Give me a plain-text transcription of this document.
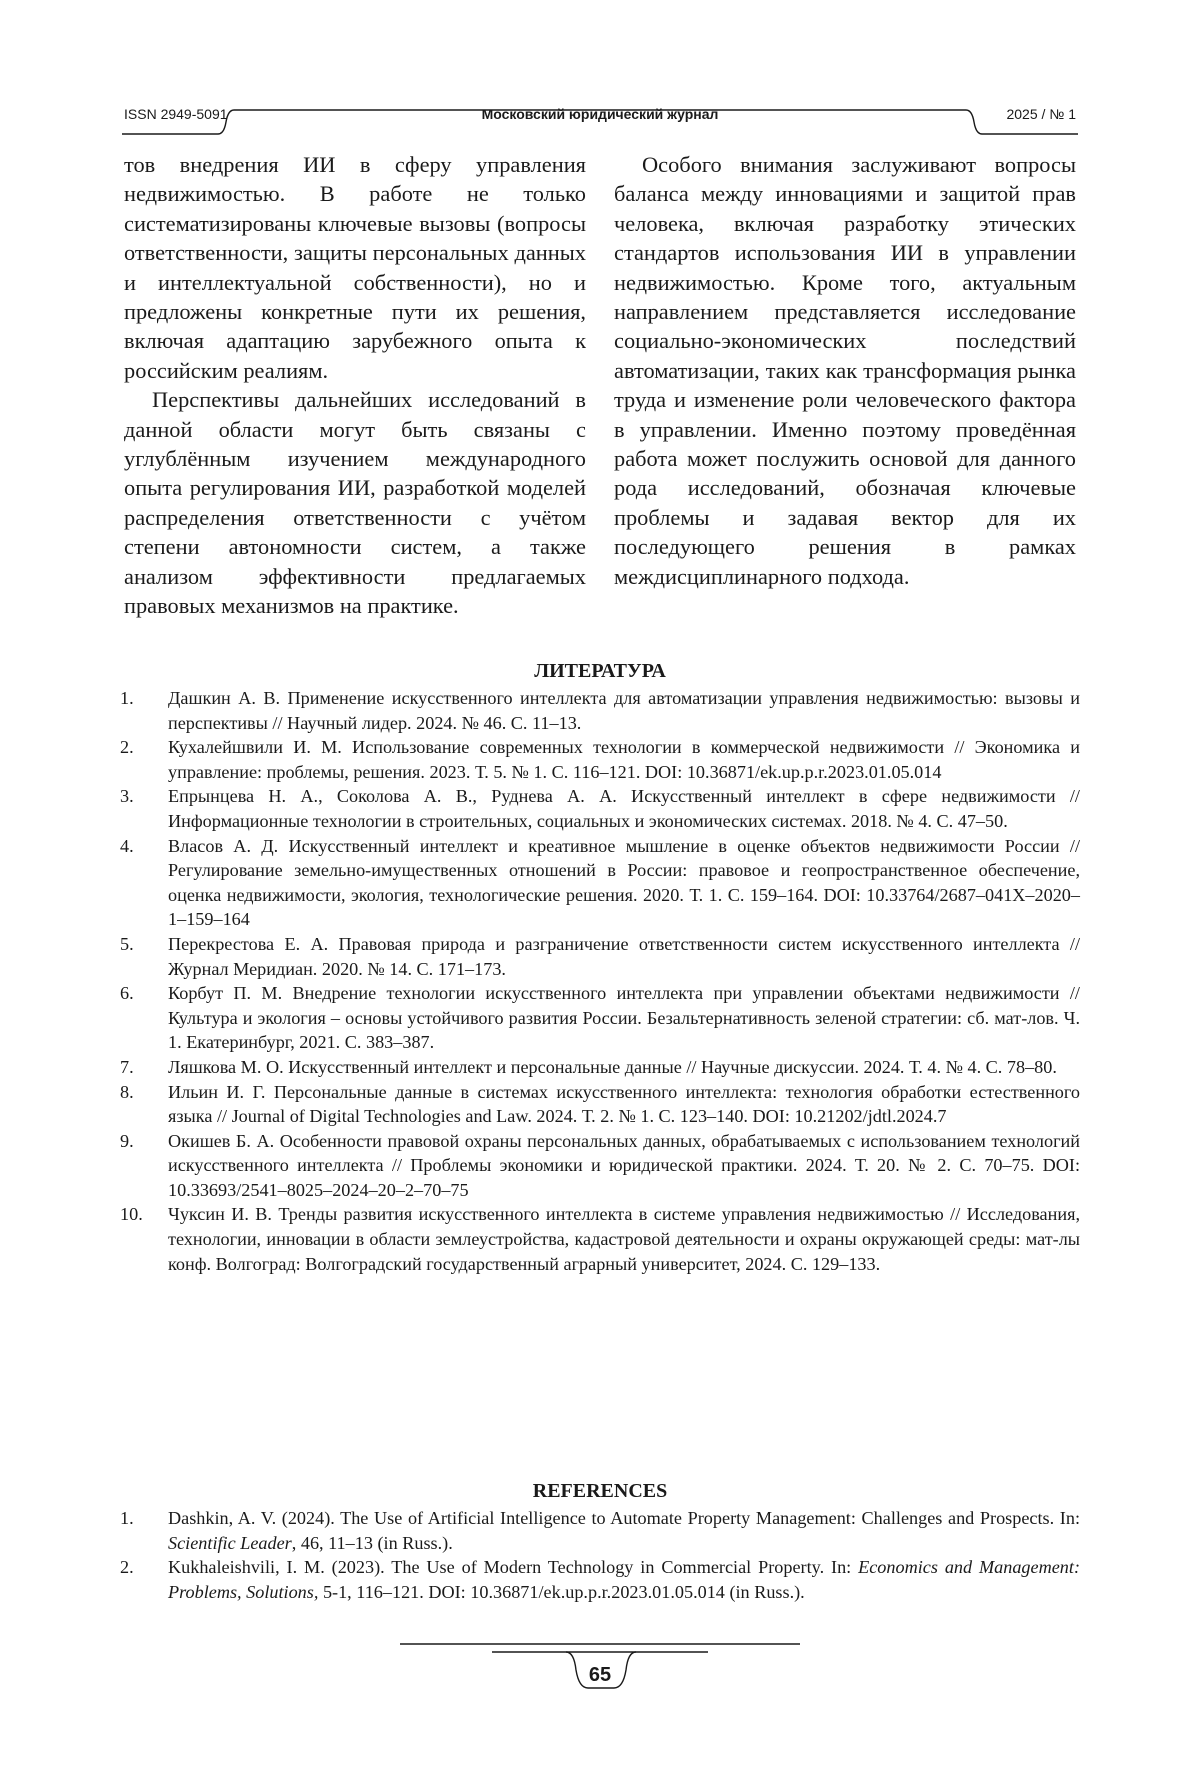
ISSN 2949-5091	Московский юридический журнал	2025 / № 1

тов внедрения ИИ в сферу управления недвижимостью. В работе не только систематизированы ключевые вызовы (вопросы ответственности, защиты персональных данных и интеллектуальной собственности), но и предложены конкретные пути их решения, включая адаптацию зарубежного опыта к российским реалиям.

Перспективы дальнейших исследований в данной области могут быть связаны с углублённым изучением международного опыта регулирования ИИ, разработкой моделей распределения ответственности с учётом степени автономности систем, а также анализом эффективности предлагаемых правовых механизмов на практике.

Особого внимания заслуживают вопросы баланса между инновациями и защитой прав человека, включая разработку этических стандартов использования ИИ в управлении недвижимостью. Кроме того, актуальным направлением представляется исследование социально-экономических последствий автоматизации, таких как трансформация рынка труда и изменение роли человеческого фактора в управлении. Именно поэтому проведённая работа может послужить основой для данного рода исследований, обозначая ключевые проблемы и задавая вектор для их последующего решения в рамках междисциплинарного подхода.

ЛИТЕРАТУРА
1.	Дашкин А. В. Применение искусственного интеллекта для автоматизации управления недвижимостью: вызовы и перспективы // Научный лидер. 2024. № 46. С. 11–13.
2.	Кухалейшвили И. М. Использование современных технологии в коммерческой недвижимости // Экономика и управление: проблемы, решения. 2023. Т. 5. № 1. С. 116–121. DOI: 10.36871/ek.up.p.r.2023.01.05.014
3.	Епрынцева Н. А., Соколова А. В., Руднева А. А. Искусственный интеллект в сфере недвижимости // Информационные технологии в строительных, социальных и экономических системах. 2018. № 4. С. 47–50.
4.	Власов А. Д. Искусственный интеллект и креативное мышление в оценке объектов недвижимости России // Регулирование земельно-имущественных отношений в России: правовое и геопространственное обеспечение, оценка недвижимости, экология, технологические решения. 2020. Т. 1. С. 159–164. DOI: 10.33764/2687–041X–2020–1–159–164
5.	Перекрестова Е. А. Правовая природа и разграничение ответственности систем искусственного интеллекта // Журнал Меридиан. 2020. № 14. С. 171–173.
6.	Корбут П. М. Внедрение технологии искусственного интеллекта при управлении объектами недвижимости // Культура и экология – основы устойчивого развития России. Безальтернативность зеленой стратегии: сб. мат-лов. Ч. 1. Екатеринбург, 2021. С. 383–387.
7.	Ляшкова М. О. Искусственный интеллект и персональные данные // Научные дискуссии. 2024. Т. 4. № 4. С. 78–80.
8.	Ильин И. Г. Персональные данные в системах искусственного интеллекта: технология обработки естественного языка // Journal of Digital Technologies and Law. 2024. Т. 2. № 1. С. 123–140. DOI: 10.21202/jdtl.2024.7
9.	Окишев Б. А. Особенности правовой охраны персональных данных, обрабатываемых с использованием технологий искусственного интеллекта // Проблемы экономики и юридической практики. 2024. Т. 20. № 2. С. 70–75. DOI: 10.33693/2541–8025–2024–20–2–70–75
10.	Чуксин И. В. Тренды развития искусственного интеллекта в системе управления недвижимостью // Исследования, технологии, инновации в области землеустройства, кадастровой деятельности и охраны окружающей среды: мат-лы конф. Волгоград: Волгоградский государственный аграрный университет, 2024. С. 129–133.
REFERENCES
1.	Dashkin, A. V. (2024). The Use of Artificial Intelligence to Automate Property Management: Challenges and Prospects. In: Scientific Leader, 46, 11–13 (in Russ.).
2.	Kukhaleishvili, I. M. (2023). The Use of Modern Technology in Commercial Property. In: Economics and Management: Problems, Solutions, 5-1, 116–121. DOI: 10.36871/ek.up.p.r.2023.01.05.014 (in Russ.).
65
